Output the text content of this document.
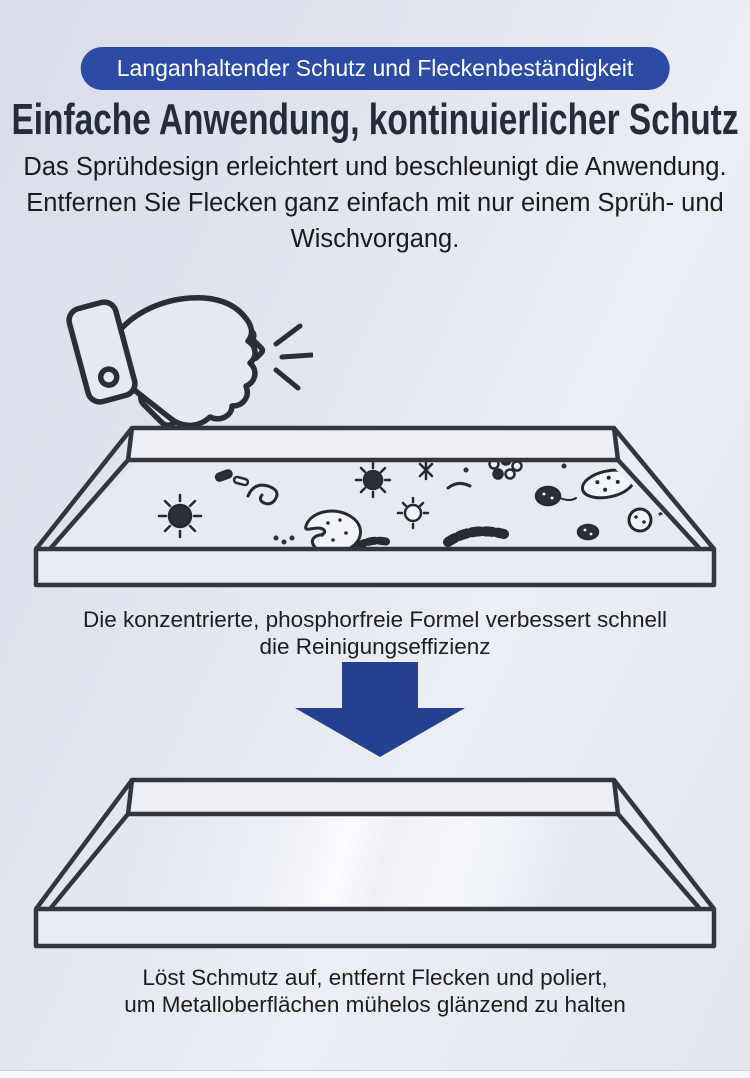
Langanhaltender Schutz und Fleckenbeständigkeit
Einfache Anwendung, kontinuierlicher Schutz
Das Sprühdesign erleichtert und beschleunigt die Anwendung.
Entfernen Sie Flecken ganz einfach mit nur einem Sprüh- und
Wischvorgang.
Die konzentrierte, phosphorfreie Formel verbessert schnell
die Reinigungseffizienz
Löst Schmutz auf, entfernt Flecken und poliert,
um Metalloberflächen mühelos glänzend zu halten
